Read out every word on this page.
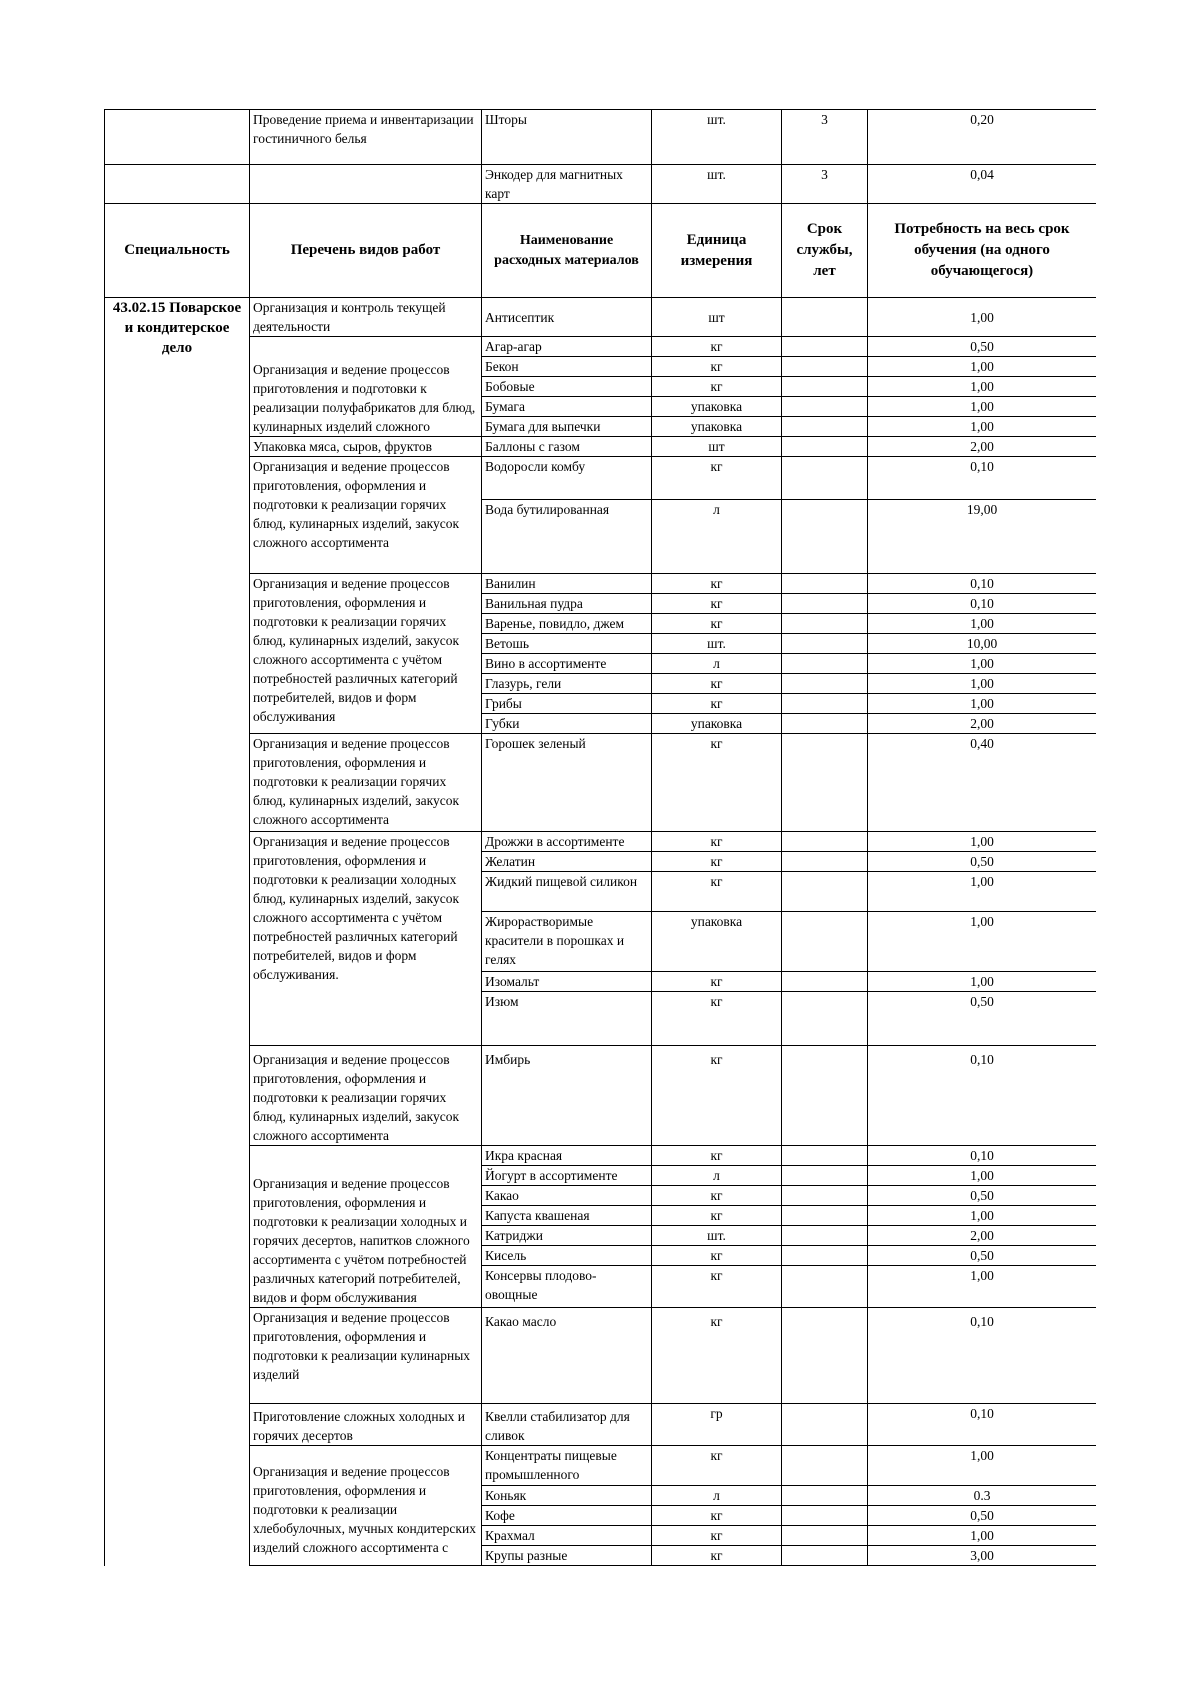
	Проведение приема и инвентаризации гостиничного белья	Шторы	шт.	3	0,20
		Энкодер для магнитных карт	шт.	3	0,04
Специальность	Перечень видов работ	Наименование расходных материалов	Единица измерения	Срок службы, лет	Потребность на весь срок обучения (на одного обучающегося)
43.02.15 Поварское и кондитерское дело	Организация и контроль текущей деятельности	Антисептик	шт		1,00
	Организация и ведение процессов приготовления и подготовки к реализации полуфабрикатов для блюд, кулинарных изделий сложного	Агар-агар	кг		0,50
		Бекон	кг		1,00
		Бобовые	кг		1,00
		Бумага	упаковка		1,00
		Бумага для выпечки	упаковка		1,00
	Упаковка мяса, сыров, фруктов	Баллоны с газом	шт		2,00
	Организация и ведение процессов приготовления, оформления и подготовки к реализации горячих блюд, кулинарных изделий, закусок сложного ассортимента	Водоросли комбу	кг		0,10
		Вода бутилированная	л		19,00
	Организация и ведение процессов приготовления, оформления и подготовки к реализации горячих блюд, кулинарных изделий, закусок сложного ассортимента с учётом потребностей различных категорий потребителей, видов и форм обслуживания	Ванилин	кг		0,10
		Ванильная пудра	кг		0,10
		Варенье, повидло, джем	кг		1,00
		Ветошь	шт.		10,00
		Вино в ассортименте	л		1,00
		Глазурь, гели	кг		1,00
		Грибы	кг		1,00
		Губки	упаковка		2,00
	Организация и ведение процессов приготовления, оформления и подготовки к реализации горячих блюд, кулинарных изделий, закусок сложного ассортимента	Горошек зеленый	кг		0,40
	Организация и ведение процессов приготовления, оформления и подготовки к реализации холодных блюд, кулинарных изделий, закусок сложного ассортимента с учётом потребностей различных категорий потребителей, видов и форм обслуживания.	Дрожжи в ассортименте	кг		1,00
		Желатин	кг		0,50
		Жидкий пищевой силикон	кг		1,00
		Жирорастворимые красители в порошках и гелях	упаковка		1,00
		Изомальт	кг		1,00
		Изюм	кг		0,50
	Организация и ведение процессов приготовления, оформления и подготовки к реализации горячих блюд, кулинарных изделий, закусок сложного ассортимента	Имбирь	кг		0,10
	Организация и ведение процессов приготовления, оформления и подготовки к реализации холодных и горячих десертов, напитков сложного ассортимента с учётом потребностей различных категорий потребителей, видов и форм обслуживания	Икра красная	кг		0,10
		Йогурт в ассортименте	л		1,00
		Какао	кг		0,50
		Капуста квашеная	кг		1,00
		Катриджи	шт.		2,00
		Кисель	кг		0,50
		Консервы плодово-овощные	кг		1,00
	Организация и ведение процессов приготовления, оформления и подготовки к реализации кулинарных изделий	Какао масло	кг		0,10
	Приготовление сложных холодных и горячих десертов	Квелли стабилизатор для сливок	гр		0,10
	Организация и ведение процессов приготовления, оформления и подготовки к реализации хлебобулочных, мучных кондитерских изделий сложного ассортимента с	Концентраты пищевые промышленного	кг		1,00
		Коньяк	л		0.3
		Кофе	кг		0,50
		Крахмал	кг		1,00
		Крупы разные	кг		3,00
